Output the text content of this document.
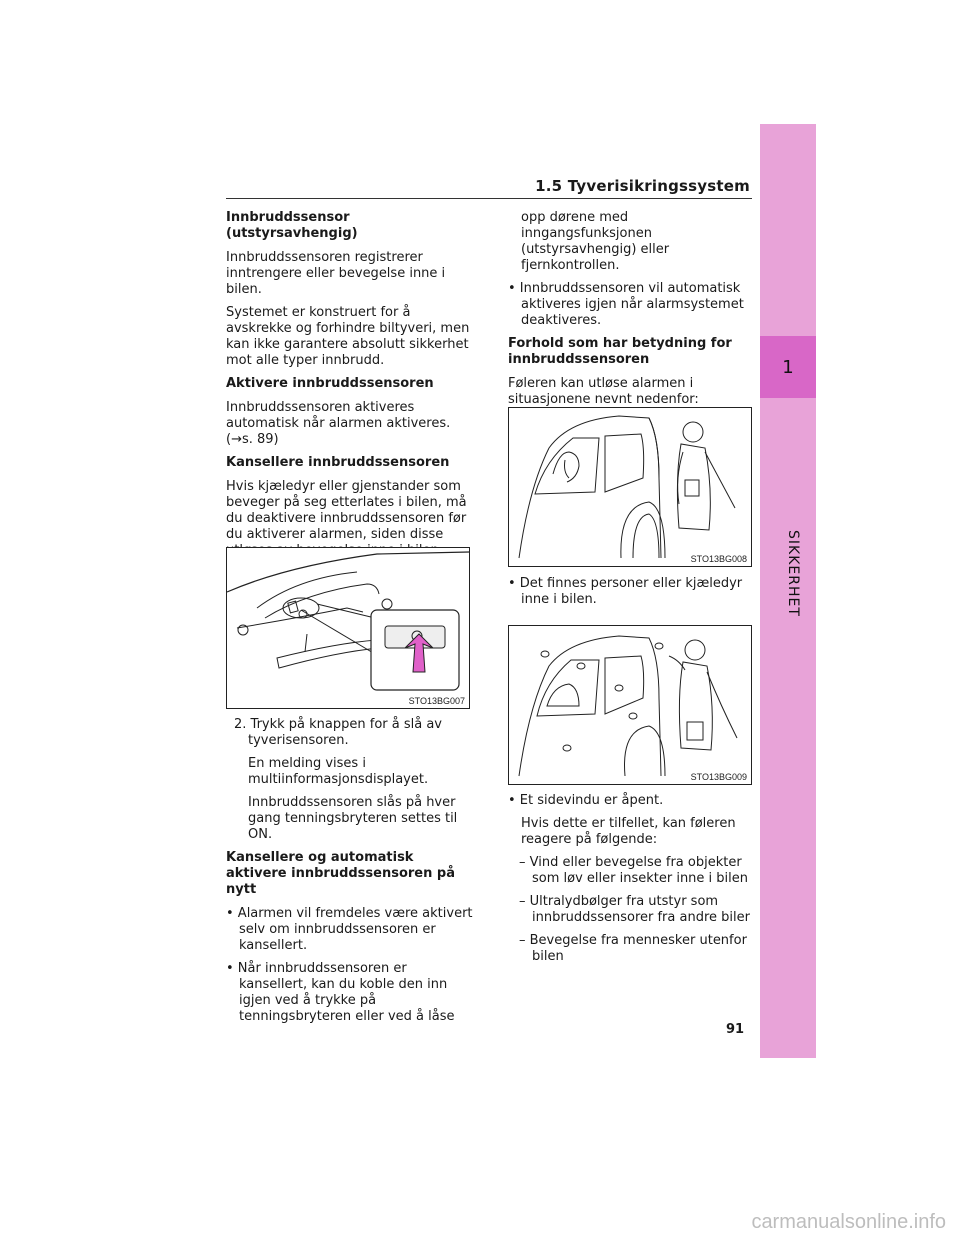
1.5 Tyverisikringssystem
1
SIKKERHET
Innbruddssensor (utstyrsavhengig)

Innbruddssensoren registrerer inntrengere eller bevegelse inne i bilen.

Systemet er konstruert for å avskrekke og forhindre biltyveri, men kan ikke garantere absolutt sikkerhet mot alle typer innbrudd.

Aktivere innbruddssensoren

Innbruddssensoren aktiveres automatisk når alarmen aktiveres. (→s. 89)

Kansellere innbruddssensoren

Hvis kjæledyr eller gjenstander som beveger på seg etterlates i bilen, må du deaktivere innbruddssensoren før du aktiverer alarmen, siden disse

STO13BG007

2. Trykk på knappen for å slå av tyverisensoren.

En melding vises i multiinformasjonsdisplayet.

Innbruddssensoren slås på hver gang tenningsbryteren settes til ON.

Kansellere og automatisk aktivere innbruddssensoren på nytt

• Alarmen vil fremdeles være aktivert selv om innbruddssensoren er kansellert.

• Når innbruddssensoren er kansellert, kan du koble den inn igjen ved å trykke på tenningsbryteren eller ved å låse

opp dørene med inngangsfunksjonen (utstyrsavhengig) eller fjernkontrollen.

• Innbruddssensoren vil automatisk aktiveres igjen når alarmsystemet deaktiveres.

Forhold som har betydning for innbruddssensoren

Føleren kan utløse alarmen i situasjonene nevnt nedenfor:

STO13BG008

• Det finnes personer eller kjæledyr inne i bilen.

STO13BG009

• Et sidevindu er åpent.

Hvis dette er tilfellet, kan føleren reagere på følgende:

– Vind eller bevegelse fra objekter som løv eller insekter inne i bilen

– Ultralydbølger fra utstyr som innbruddssensorer fra andre biler

– Bevegelse fra mennesker utenfor bilen

91
carmanualsonline.info
